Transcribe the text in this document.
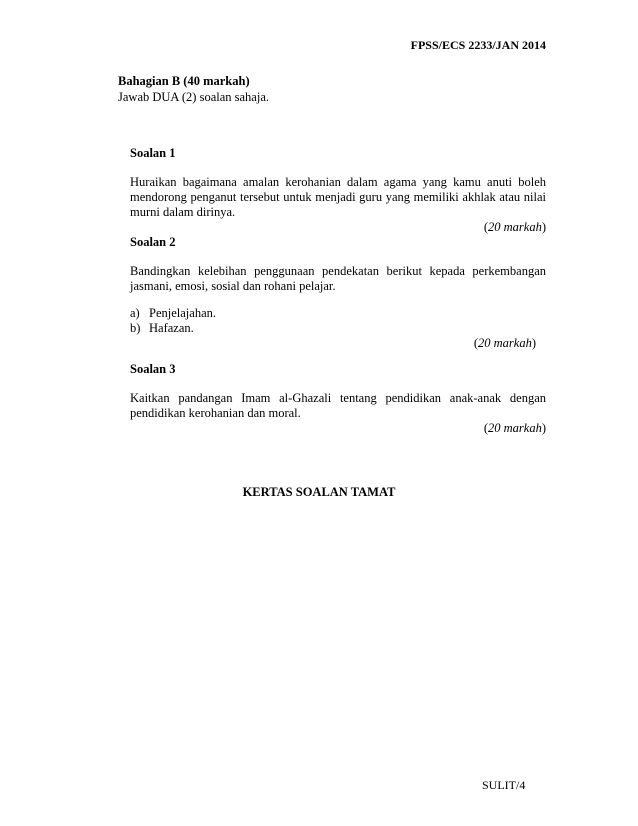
FPSS/ECS 2233/JAN 2014
Bahagian B (40 markah)
Jawab DUA (2) soalan sahaja.
Soalan 1
Huraikan bagaimana amalan kerohanian dalam agama yang kamu anuti boleh mendorong penganut tersebut untuk menjadi guru yang memiliki akhlak atau nilai murni dalam dirinya.
(20 markah)
Soalan 2
Bandingkan kelebihan penggunaan pendekatan berikut kepada perkembangan jasmani, emosi, sosial dan rohani pelajar.
a) Penjelajahan.
b) Hafazan.
(20 markah)
Soalan 3
Kaitkan pandangan Imam al-Ghazali tentang pendidikan anak-anak dengan pendidikan kerohanian dan moral.
(20 markah)
KERTAS SOALAN TAMAT
SULIT/4
